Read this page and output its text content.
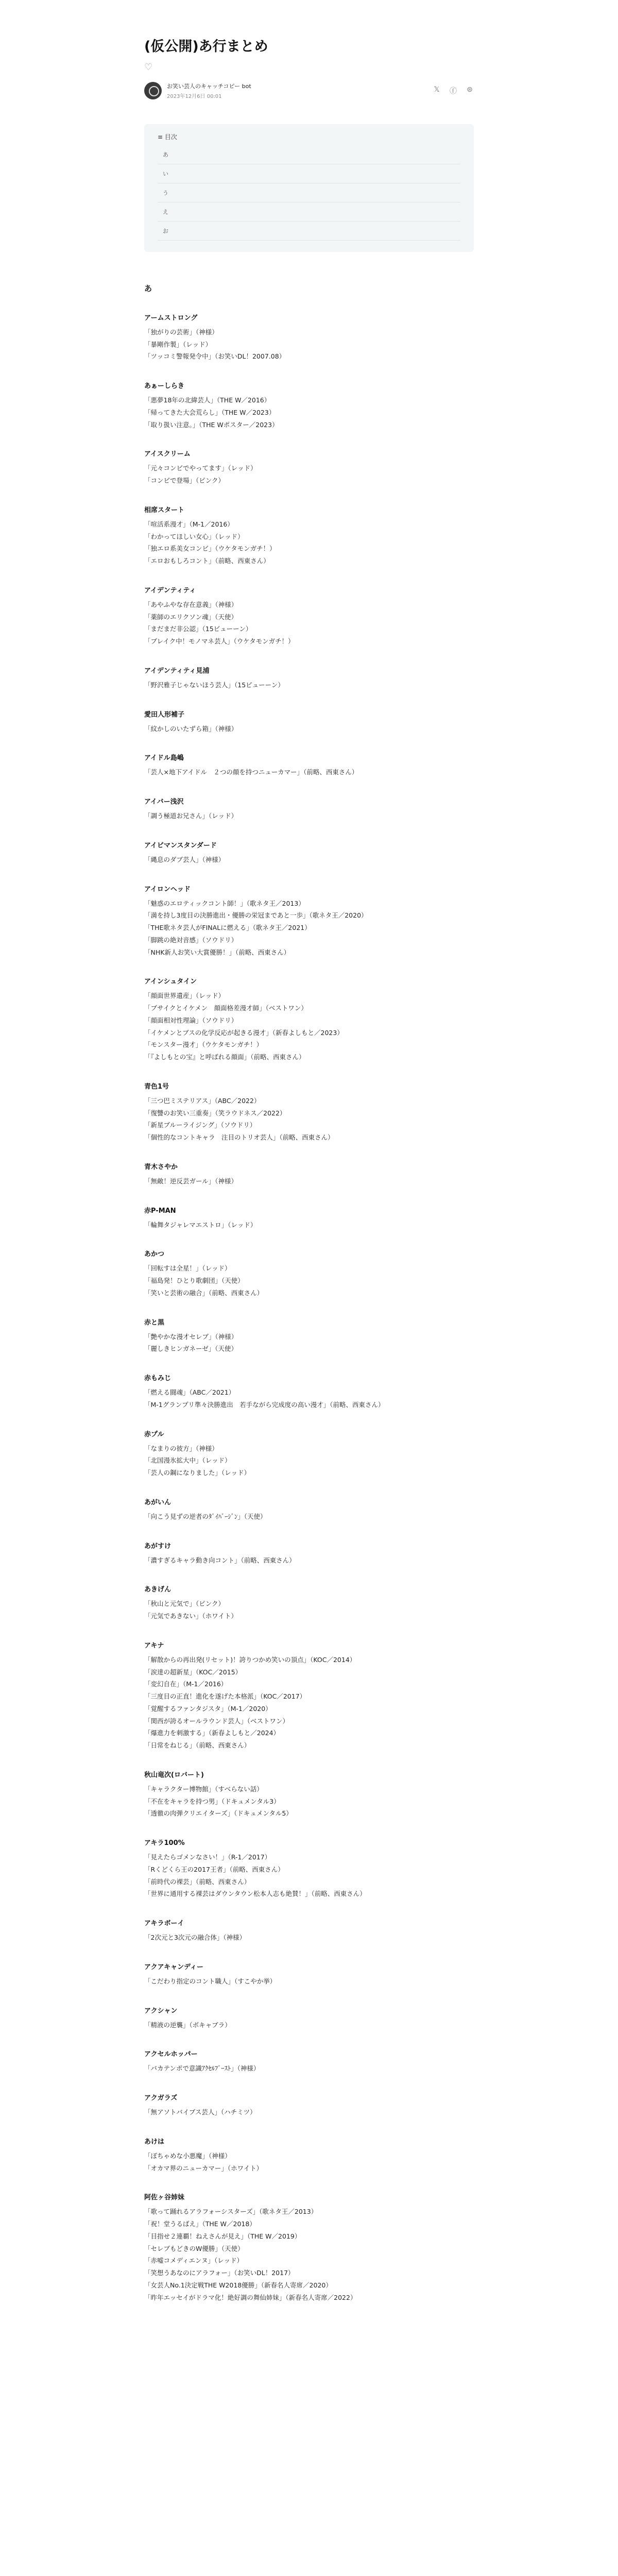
(仮公開)あ行まとめ
♡
お笑い芸人のキャッチコピー bot
2023年12月6日 00:01
𝕏 ⓕ ⊜
≡ 目次
あ
い
う
え
お
あ
アームストロング

「独がりの芸術」（神様）

「暴剛作製」（レッド）

「ツッコミ警報発令中」（お笑いDL！2007.08）

あぁーしらき

「悪夢18年の北緯芸人」（THE W／2016）

「帰ってきた大会荒らし」（THE W／2023）

「取り扱い注意。」（THE Wポスター／2023）

アイスクリーム

「元々コンビでやってます」（レッド）

「コンビで登場」（ピンク）

相席スタート

「喧活系漫才」（M-1／2016）

「わかってほしい女心」（レッド）

「独エロ系美女コンビ」（ウケタモンガチ！）

「エロおもしろコント」（前略、西東さん）

アイデンティティ

「あやふやな存在意義」（神様）

「薬師のエリクソン魂」（天使）

「まだまだ非公認」（15ビューーン）

「ブレイク中！モノマネ芸人」（ウケタモンガチ！）

アイデンティティ見浦

「野沢雅子じゃないほう芸人」（15ビューーン）

愛田人形補子

「紋かしのいたずら箱」（神様）

アイドル島嶋

「芸人×地下アイドル　２つの顔を持つニューカマー」（前略、西東さん）

アイバー浅沢

「調う極道お兄さん」（レッド）

アイビマンスタンダード

「縄息のダブ芸人」（神様）

アイロンヘッド

「魅惑のエロティックコント師！」（歌ネタ王／2013）

「満を持し3度目の決勝進出・優勝の栄冠まであと一歩」（歌ネタ王／2020）

「THE歌ネタ芸人がFINALに燃える」（歌ネタ王／2021）

「脚跳の絶対音感」（ソウドリ）

「NHK新人お笑い大賞優勝！」（前略、西東さん）

アインシュタイン

「顔面世界遺産」（レッド）

「ブサイクとイケメン　顔面格差漫才師」（ベストワン）

「顔面相対性理論」（ソウドリ）

「イケメンとブスの化学反応が起きる漫才」（新春よしもと／2023）

「モンスター漫才」（ウケタモンガチ！）

「『よしもとの宝』と呼ばれる顔面」（前略、西東さん）

青色1号

「三つ巴ミステリアス」（ABC／2022）

「復讐のお笑い三重奏」（笑ラウドネス／2022）

「新星ブルーライジング」（ソウドリ）

「個性的なコントキャラ　注目のトリオ芸人」（前略、西東さん）

青木さやか

「無敵！逆反芸ガール」（神様）

赤P-MAN

「輪舞タジャレマエストロ」（レッド）

あかつ

「回転すは全星！」（レッド）

「福島発！ひとり歌劇団」（天使）

「笑いと芸術の融合」（前略、西東さん）

赤と黒

「艶やかな漫才セレブ」（神様）

「麗しきヒンガネーゼ」（天使）

赤もみじ

「燃える闘魂」（ABC／2021）

「M-1グランプリ準々決勝進出　若手ながら完成度の高い漫才」（前略、西東さん）

赤プル

「なまりの彼方」（神様）

「北国漫氷拡大中」（レッド）

「芸人の鋼になりました」（レッド）

あがいん

「向こう見ずの逆者のﾀﾞｲﾊﾞｰｼﾞﾝ」（天使）

あがすけ

「濃すぎるキャラ動き向コント」（前略、西東さん）

あきげん

「秋山と元気で」（ピンク）

「元気であきない」（ホワイト）

アキナ

「解散からの再出発(リセット)！誇りつかめ笑いの頂点」（KOC／2014）

「涙達の超新星」（KOC／2015）

「変幻自在」（M-1／2016）

「三度目の正直！進化を遂げた本格派」（KOC／2017）

「覚醒するファンタジスタ」（M-1／2020）

「関西が誇るオールラウンド芸人」（ベストワン）

「爆進力を刺激する」（新春よしもと／2024）

「日常をねじる」（前略、西東さん）

秋山竜次(ロバート)

「キャラクター博物館」（すべらない話）

「不在をキャラを持つ男」（ドキュメンタル3）

「透徹の肉弾クリエイターズ」（ドキュメンタル5）

アキラ100%

「見えたらゴメンなさい！」（R-1／2017）

「Rくどくら王の2017王者」（前略、西東さん）

「前時代の裸芸」（前略、西東さん）

「世界に通用する裸芸はダウンタウン松本人志も絶賛！」（前略、西東さん）

アキラボーイ

「2次元と3次元の融合体」（神様）

アクアキャンディー

「こだわり指定のコント職人」（すこやか挙）

アクシャン

「精液の逆襲」（ボキャブラ）

アクセルホッパー

「バカテンポで意識ｱｸｾﾙﾌﾞｰｽﾄ」（神様）

アクガラズ

「無アソトバイブス芸人」（ハチミツ）

あけは

「ぼちゃめな小悪魔」（神様）

「オカマ界のニューカマー」（ホワイト）

阿佐ヶ谷姉妹

「歌って踊れるアラフォーシスターズ」（歌ネタ王／2013）

「祝！堂うるばえ」（THE W／2018）

「目指せ２連覇！ねえさんが見え」（THE W／2019）

「セレブもどきのW優勝」（天使）

「赤嘘コメディエンヌ」（レッド）

「笑想うあなのにアラフォー」（お笑いDL！2017）

「女芸人No.1決定戦THE W2018優勝」（新春名人寄席／2020）

「昨年エッセイがドラマ化！絶好調の舞仙姉妹」（新春名人寄席／2022）
